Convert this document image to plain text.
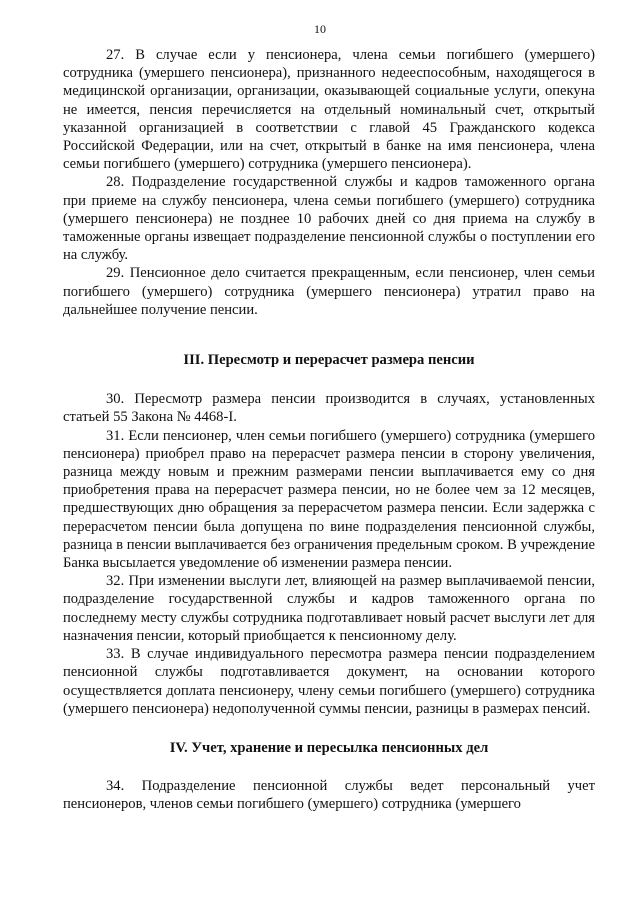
10

27. В случае если у пенсионера, члена семьи погибшего (умершего) сотрудника (умершего пенсионера), признанного недееспособным, находящегося в медицинской организации, организации, оказывающей социальные услуги, опекуна не имеется, пенсия перечисляется на отдельный номинальный счет, открытый указанной организацией в соответствии с главой 45 Гражданского кодекса Российской Федерации, или на счет, открытый в банке на имя пенсионера, члена семьи погибшего (умершего) сотрудника (умершего пенсионера).

28. Подразделение государственной службы и кадров таможенного органа при приеме на службу пенсионера, члена семьи погибшего (умершего) сотрудника (умершего пенсионера) не позднее 10 рабочих дней со дня приема на службу в таможенные органы извещает подразделение пенсионной службы о поступлении его на службу.

29. Пенсионное дело считается прекращенным, если пенсионер, член семьи погибшего (умершего) сотрудника (умершего пенсионера) утратил право на дальнейшее получение пенсии.

III. Пересмотр и перерасчет размера пенсии

30. Пересмотр размера пенсии производится в случаях, установленных статьей 55 Закона № 4468-I.

31. Если пенсионер, член семьи погибшего (умершего) сотрудника (умершего пенсионера) приобрел право на перерасчет размера пенсии в сторону увеличения, разница между новым и прежним размерами пенсии выплачивается ему со дня приобретения права на перерасчет размера пенсии, но не более чем за 12 месяцев, предшествующих дню обращения за перерасчетом размера пенсии. Если задержка с перерасчетом пенсии была допущена по вине подразделения пенсионной службы, разница в пенсии выплачивается без ограничения предельным сроком. В учреждение Банка высылается уведомление об изменении размера пенсии.

32. При изменении выслуги лет, влияющей на размер выплачиваемой пенсии, подразделение государственной службы и кадров таможенного органа по последнему месту службы сотрудника подготавливает новый расчет выслуги лет для назначения пенсии, который приобщается к пенсионному делу.

33. В случае индивидуального пересмотра размера пенсии подразделением пенсионной службы подготавливается документ, на основании которого осуществляется доплата пенсионеру, члену семьи погибшего (умершего) сотрудника (умершего пенсионера) недополученной суммы пенсии, разницы в размерах пенсий.

IV. Учет, хранение и пересылка пенсионных дел

34. Подразделение пенсионной службы ведет персональный учет пенсионеров, членов семьи погибшего (умершего) сотрудника (умершего
